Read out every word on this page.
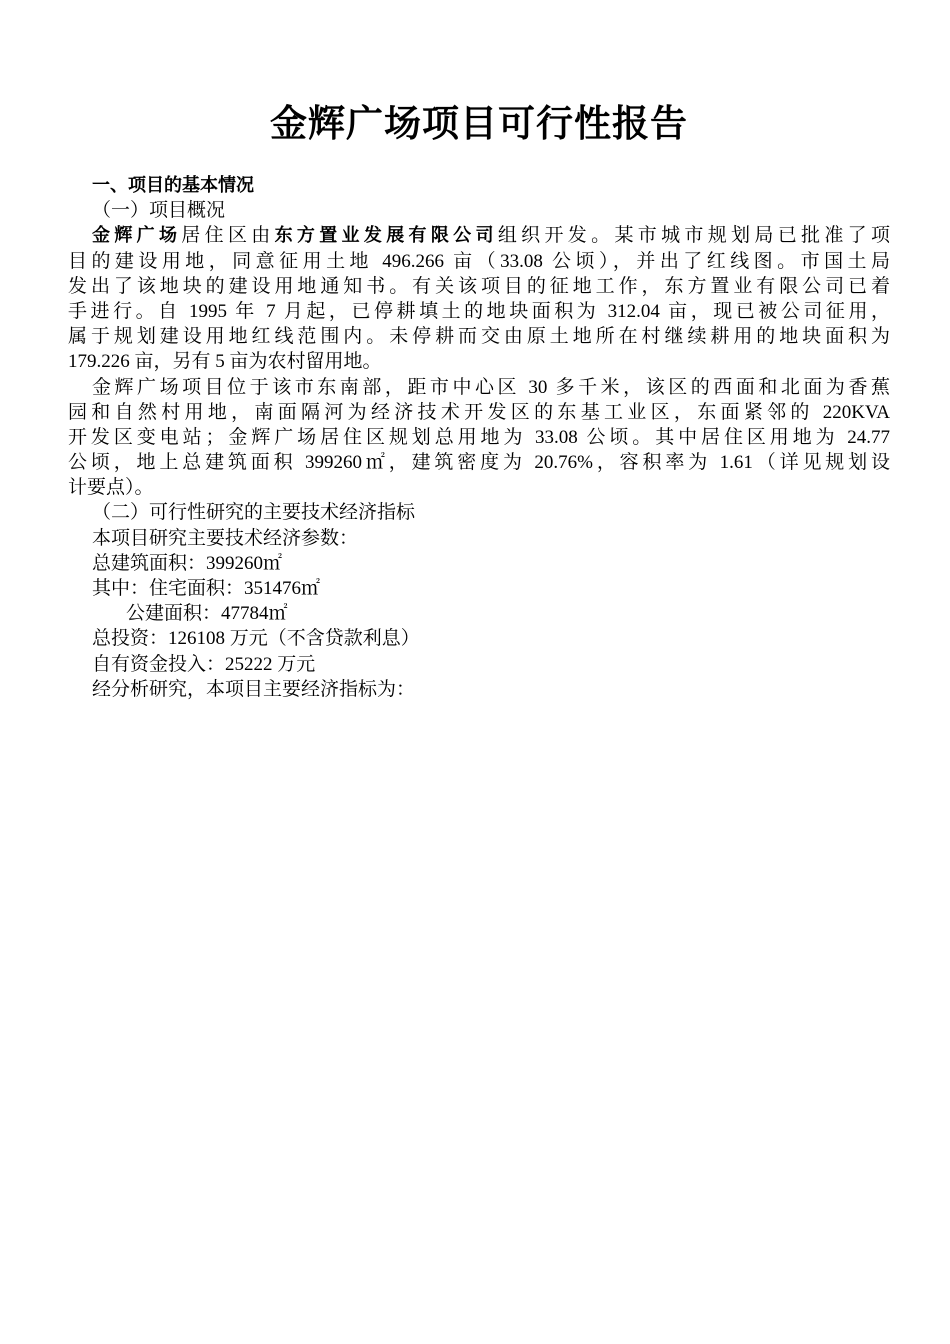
金辉广场项目可行性报告
一、项目的基本情况
（一）项目概况
金辉广场居住区由东方置业发展有限公司组织开发。某市城市规划局已批准了项
目的建设用地，同意征用土地 496.266 亩（33.08 公顷），并出了红线图。市国土局
发出了该地块的建设用地通知书。有关该项目的征地工作，东方置业有限公司已着
手进行。自 1995 年 7 月起，已停耕填土的地块面积为 312.04 亩，现已被公司征用，
属于规划建设用地红线范围内。未停耕而交由原土地所在村继续耕用的地块面积为
179.226 亩，另有 5 亩为农村留用地。
金辉广场项目位于该市东南部，距市中心区 30 多千米，该区的西面和北面为香蕉
园和自然村用地，南面隔河为经济技术开发区的东基工业区，东面紧邻的 220KVA
开发区变电站；金辉广场居住区规划总用地为 33.08 公顷。其中居住区用地为 24.77
公顷，地上总建筑面积 399260㎡，建筑密度为 20.76%，容积率为 1.61（详见规划设
计要点）。
（二）可行性研究的主要技术经济指标
本项目研究主要技术经济参数：
总建筑面积：399260㎡
其中：住宅面积：351476㎡
公建面积：47784㎡
总投资：126108 万元（不含贷款利息）
自有资金投入：25222 万元
经分析研究，本项目主要经济指标为：
